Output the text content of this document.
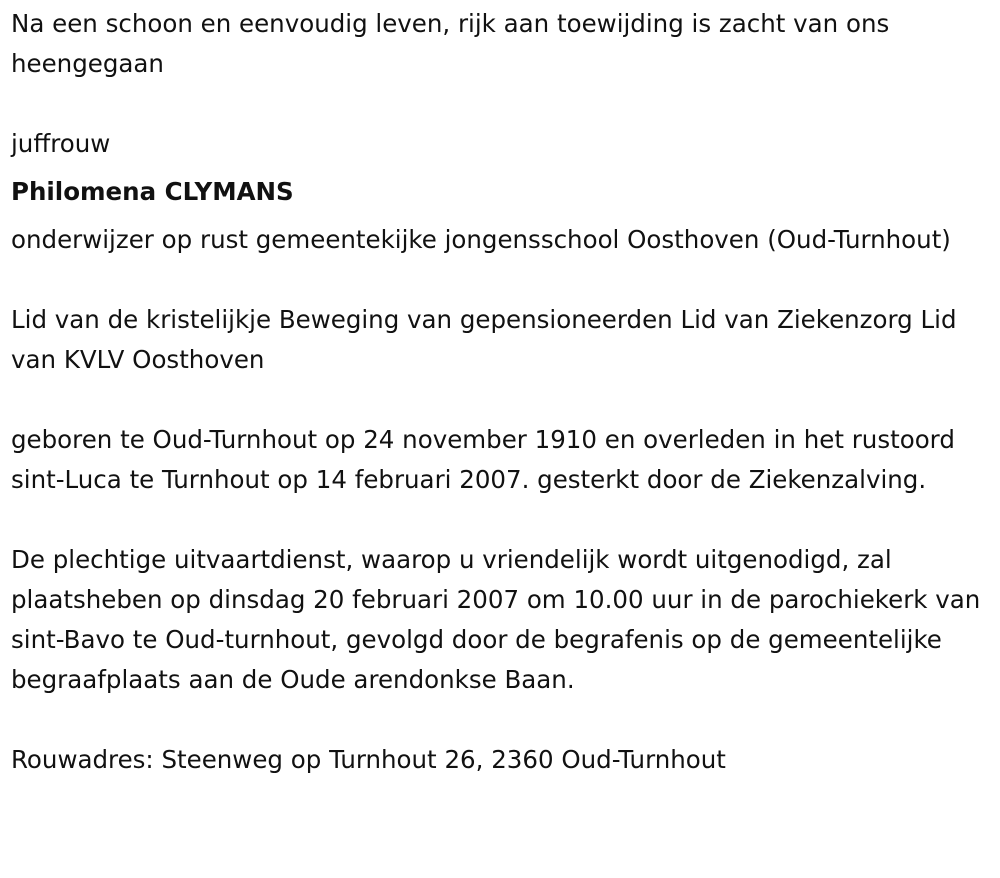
Na een schoon en eenvoudig leven, rijk aan toewijding is zacht van ons heengegaan

juffrouw

Philomena CLYMANS

onderwijzer op rust gemeentekijke jongensschool Oosthoven (Oud-Turnhout)

Lid van de kristelijkje Beweging van gepensioneerden Lid van Ziekenzorg Lid van KVLV Oosthoven

geboren te Oud-Turnhout op 24 november 1910 en overleden in het rustoord sint-Luca te Turnhout op 14 februari 2007. gesterkt door de Ziekenzalving.

De plechtige uitvaartdienst, waarop u vriendelijk wordt uitgenodigd, zal plaatsheben op dinsdag 20 februari 2007 om 10.00 uur in de parochiekerk van sint-Bavo te Oud-turnhout, gevolgd door de begrafenis op de gemeentelijke begraafplaats aan de Oude arendonkse Baan.

Rouwadres: Steenweg op Turnhout 26, 2360 Oud-Turnhout
